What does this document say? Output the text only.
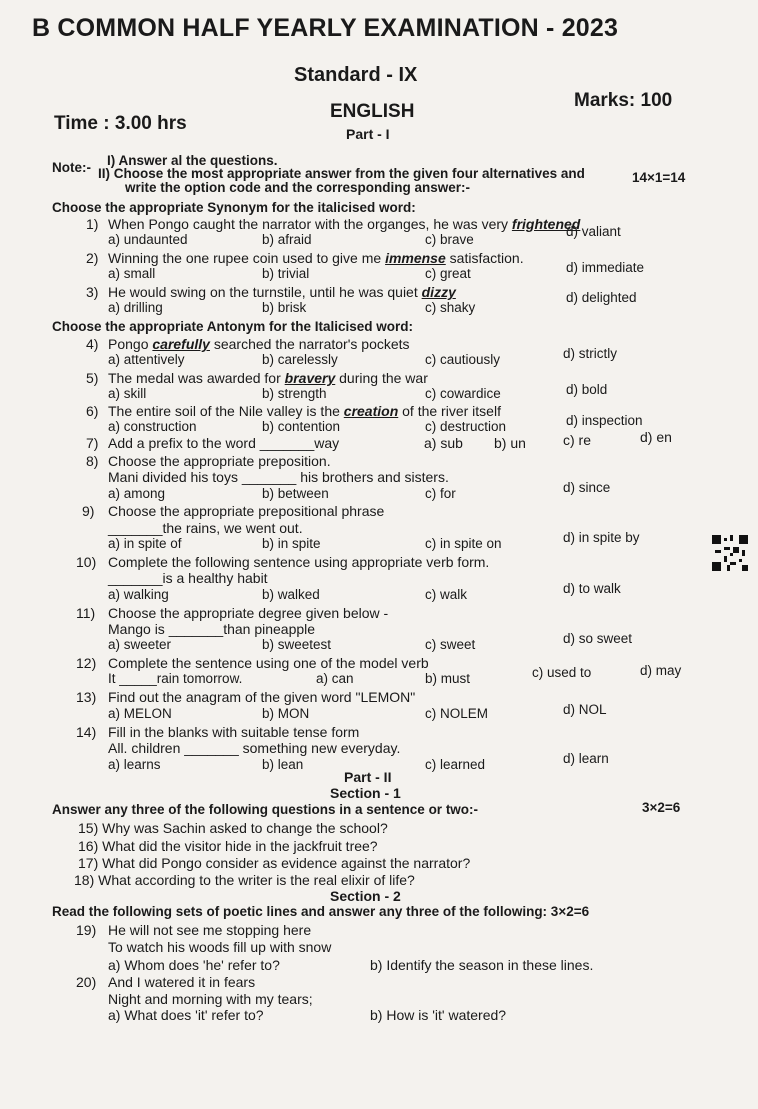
B COMMON HALF YEARLY EXAMINATION - 2023
Standard - IX
Time : 3.00 hrs
ENGLISH
Marks: 100
Part - I
Note:- I) Answer al the questions.
II) Choose the most appropriate answer from the given four alternatives and
write the option code and the corresponding answer:-
14×1=14
Choose the appropriate Synonym for the italicised word:
1) When Pongo caught the narrator with the organges, he was very frightened
a) undaunted	b) afraid	c) brave
d) valiant
2) Winning the one rupee coin used to give me immense satisfaction.
a) small	b) trivial	c) great	d) immediate
3) He would swing on the turnstile, until he was quiet dizzy
a) drilling	b) brisk	c) shaky
d) delighted
Choose the appropriate Antonym for the Italicised word:
4) Pongo carefully searched the narrator's pockets
a) attentively	b) carelessly	c) cautiously	d) strictly
5) The medal was awarded for bravery during the war
a) skill	b) strength	c) cowardice	d) bold
6) The entire soil of the Nile valley is the creation of the river itself
a) construction	b) contention	c) destruction	d) inspection
7) Add a prefix to the word _______way	a) sub b) un	c) re	d) en
8) Choose the appropriate preposition.
Mani divided his toys _______ his brothers and sisters.
a) among	b) between	c) for	d) since
9) Choose the appropriate prepositional phrase
_______the rains, we went out.
a) in spite of	b) in spite	c) in spite on	d) in spite by
10) Complete the following sentence using appropriate verb form.
_______is a healthy habit
a) walking	b) walked	c) walk	d) to walk
11) Choose the appropriate degree given below -
Mango is _______than pineapple
a) sweeter	b) sweetest	c) sweet	d) so sweet
12) Complete the sentence using one of the model verb
It _____rain tomorrow.	a) can	b) must	c) used to	d) may
13) Find out the anagram of the given word "LEMON"
a) MELON	b) MON	c) NOLEM	d) NOL
14) Fill in the blanks with suitable tense form
All. children _______ something new everyday.
a) learns	b) lean	c) learned	d) learn
Part - II
Section - 1
Answer any three of the following questions in a sentence or two:-	3×2=6
15) Why was Sachin asked to change the school?
16) What did the visitor hide in the jackfruit tree?
17) What did Pongo consider as evidence against the narrator?
18) What according to the writer is the real elixir of life?
Section - 2
Read the following sets of poetic lines and answer any three of the following: 3×2=6
19) He will not see me stopping here
To watch his woods fill up with snow
a) Whom does 'he' refer to?	b) Identify the season in these lines.
20) And I watered it in fears
Night and morning with my tears;
a) What does 'it' refer to?	b) How is 'it' watered?
